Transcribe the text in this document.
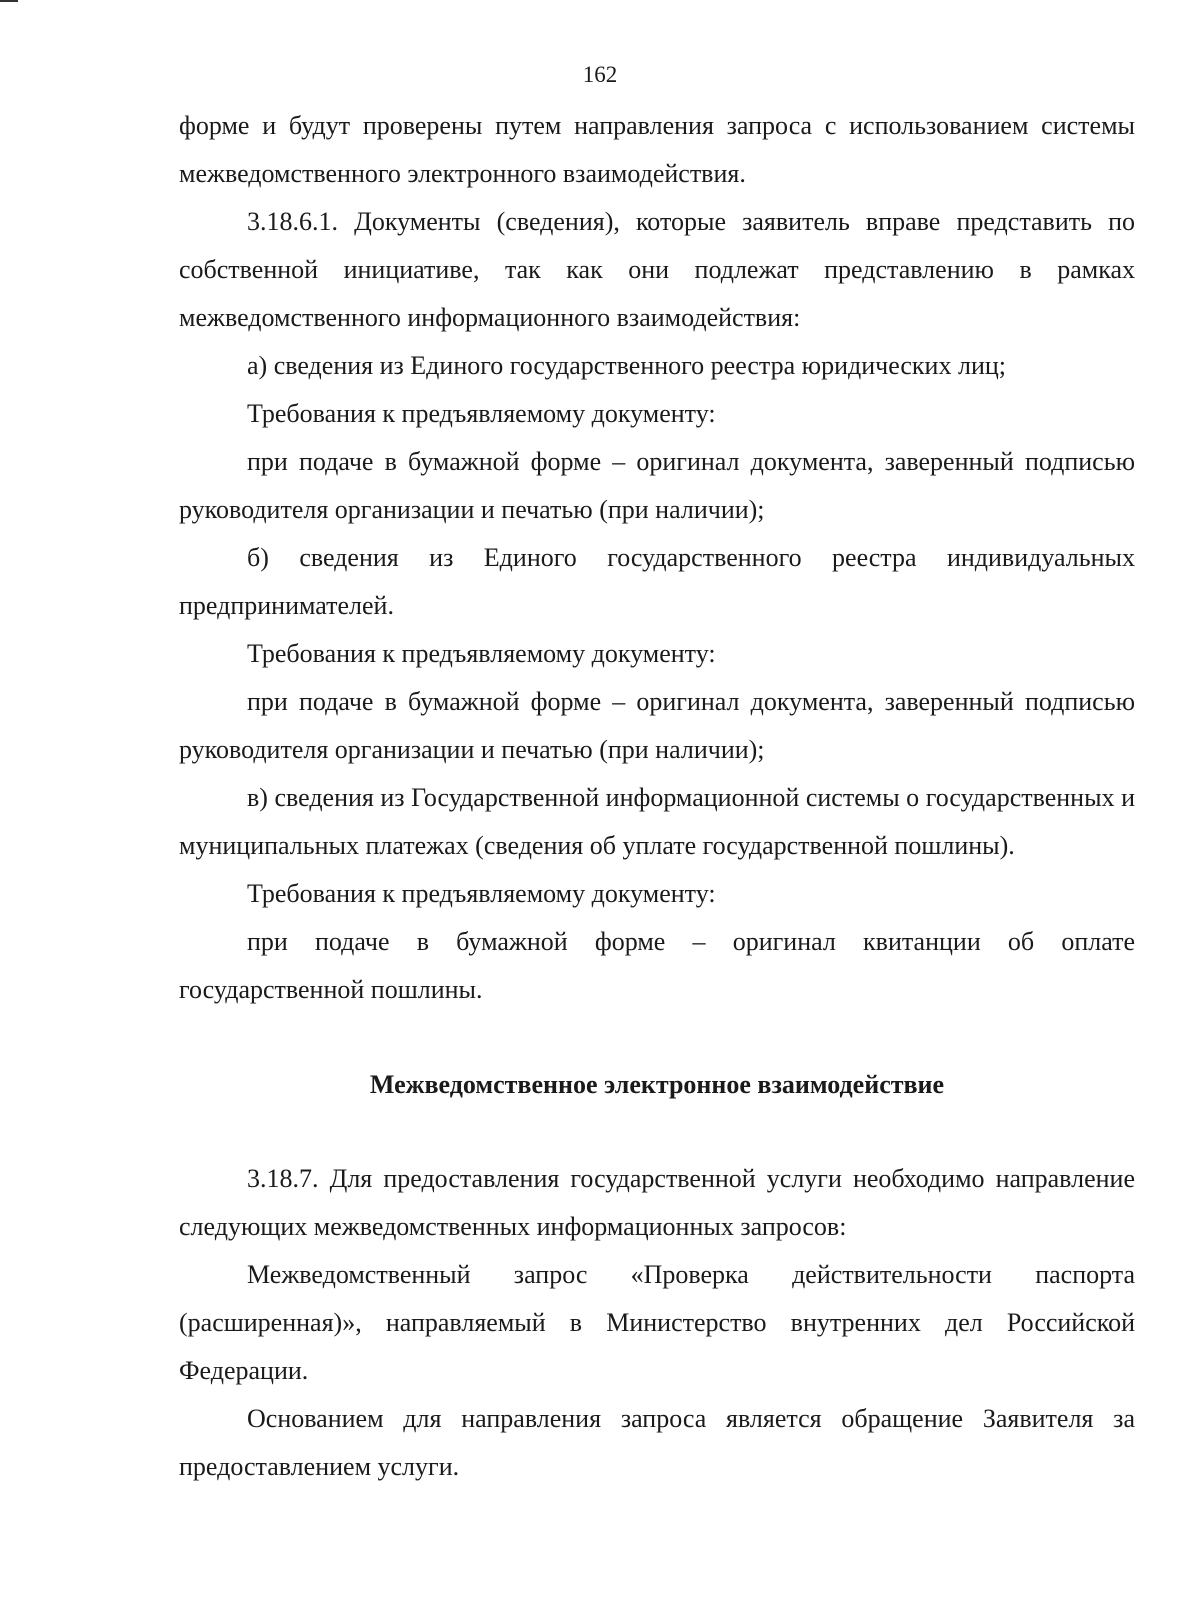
162

форме и будут проверены путем направления запроса с использованием системы межведомственного электронного взаимодействия.

3.18.6.1. Документы (сведения), которые заявитель вправе представить по собственной инициативе, так как они подлежат представлению в рамках межведомственного информационного взаимодействия:

а) сведения из Единого государственного реестра юридических лиц;

Требования к предъявляемому документу:

при подаче в бумажной форме – оригинал документа, заверенный подписью руководителя организации и печатью (при наличии);

б) сведения из Единого государственного реестра индивидуальных предпринимателей.

Требования к предъявляемому документу:

при подаче в бумажной форме – оригинал документа, заверенный подписью руководителя организации и печатью (при наличии);

в) сведения из Государственной информационной системы о государственных и муниципальных платежах (сведения об уплате государственной пошлины).

Требования к предъявляемому документу:

при подаче в бумажной форме – оригинал квитанции об оплате государственной пошлины.

Межведомственное электронное взаимодействие

3.18.7. Для предоставления государственной услуги необходимо направление следующих межведомственных информационных запросов:

Межведомственный запрос «Проверка действительности паспорта (расширенная)», направляемый в Министерство внутренних дел Российской Федерации.

Основанием для направления запроса является обращение Заявителя за предоставлением услуги.
